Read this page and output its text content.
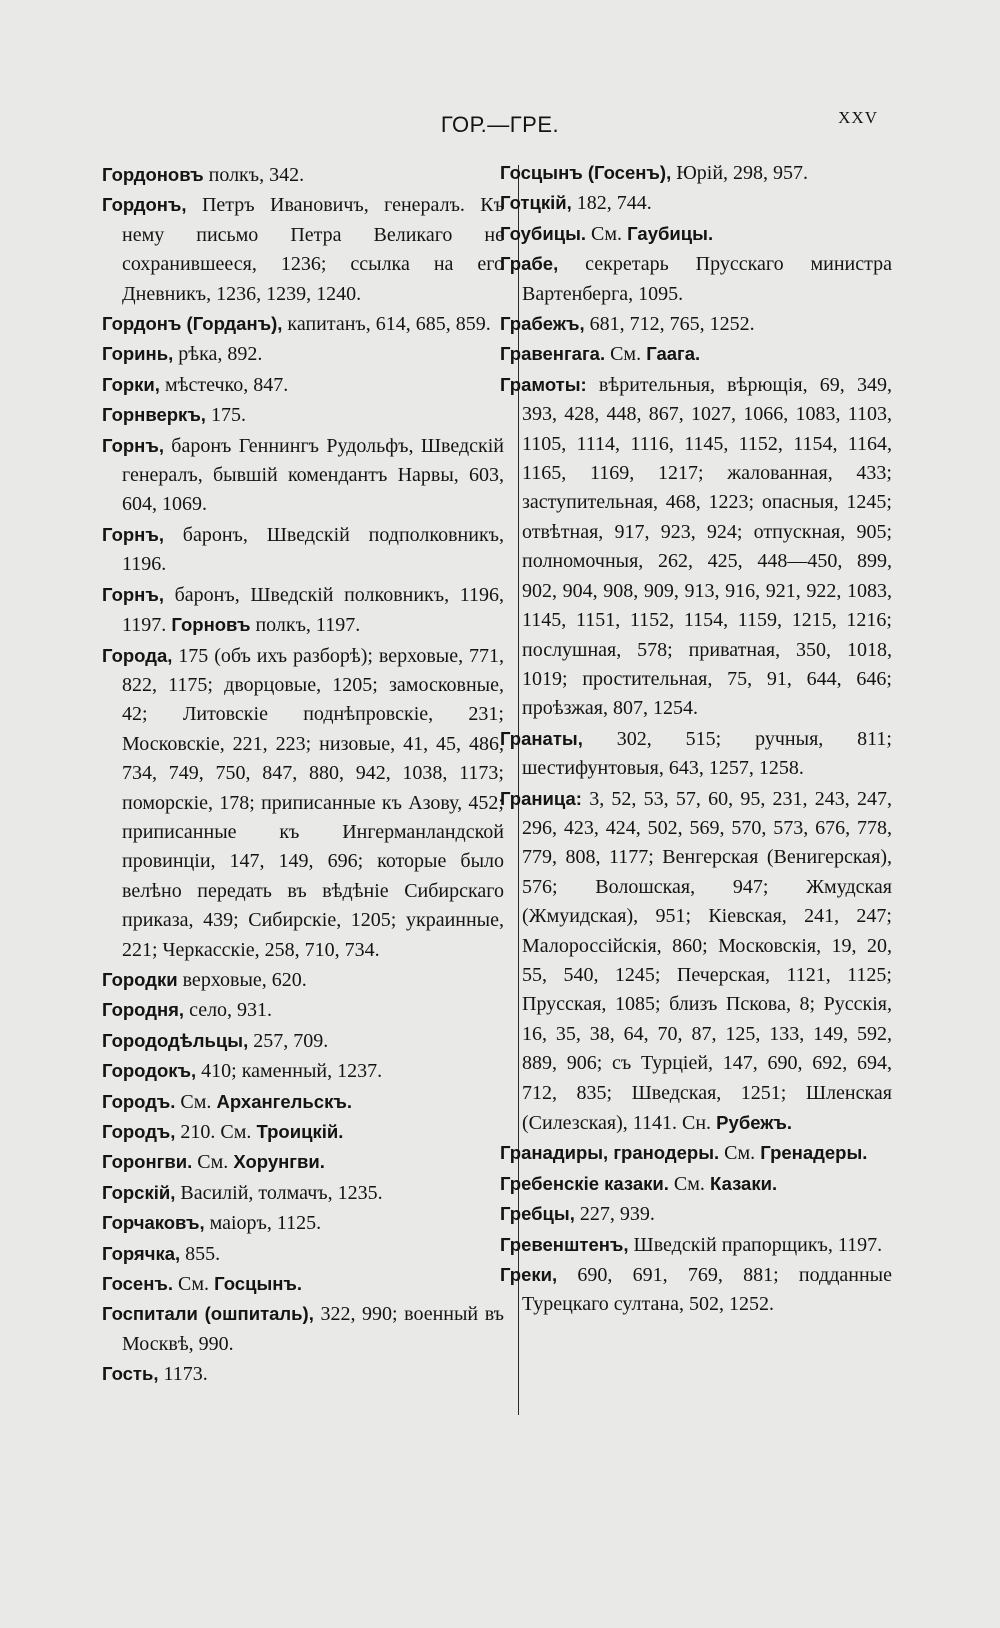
ГОР.—ГРЕ.	XXV
Гордоновъ полкъ, 342.
Гордонъ, Петръ Ивановичъ, генералъ. Къ нему письмо Петра Великаго не сохранившееся, 1236; ссылка на его Дневникъ, 1236, 1239, 1240.
Гордонъ (Горданъ), капитанъ, 614, 685, 859.
Горинь, рѣка, 892.
Горки, мѣстечко, 847.
Горнверкъ, 175.
Горнъ, баронъ Геннингъ Рудольфъ, Шведскій генералъ, бывшій комендантъ Нарвы, 603, 604, 1069.
Горнъ, баронъ, Шведскій подполковникъ, 1196.
Горнъ, баронъ, Шведскій полковникъ, 1196, 1197. Горновъ полкъ, 1197.
Города, 175 (объ ихъ разборѣ); верховые, 771, 822, 1175; дворцовые, 1205; замосковные, 42; Литовскіе поднѣпровскіе, 231; Московскіе, 221, 223; низовые, 41, 45, 486, 734, 749, 750, 847, 880, 942, 1038, 1173; поморскіе, 178; приписанные къ Азову, 452; приписанные къ Ингерманландской провинціи, 147, 149, 696; которые было велѣно передать въ вѣдѣніе Сибирскаго приказа, 439; Сибирскіе, 1205; украинные, 221; Черкасскіе, 258, 710, 734.
Городки верховые, 620.
Городня, село, 931.
Горододѣльцы, 257, 709.
Городокъ, 410; каменный, 1237.
Городъ. См. Архангельскъ.
Городъ, 210. См. Троицкій.
Горонгви. См. Хорунгви.
Горскій, Василій, толмачъ, 1235.
Горчаковъ, маіоръ, 1125.
Горячка, 855.
Госенъ. См. Госцынъ.
Госпитали (ошпиталь), 322, 990; военный въ Москвѣ, 990.
Гость, 1173.
Госцынъ (Госенъ), Юрій, 298, 957.
Готцкій, 182, 744.
Гоубицы. См. Гаубицы.
Грабе, секретарь Прусскаго министра Вартенберга, 1095.
Грабежъ, 681, 712, 765, 1252.
Гравенгага. См. Гаага.
Грамоты: вѣрительныя, вѣрющія, 69, 349, 393, 428, 448, 867, 1027, 1066, 1083, 1103, 1105, 1114, 1116, 1145, 1152, 1154, 1164, 1165, 1169, 1217; жалованная, 433; заступительная, 468, 1223; опасныя, 1245; отвѣтная, 917, 923, 924; отпускная, 905; полномочныя, 262, 425, 448—450, 899, 902, 904, 908, 909, 913, 916, 921, 922, 1083, 1145, 1151, 1152, 1154, 1159, 1215, 1216; послушная, 578; приватная, 350, 1018, 1019; простительная, 75, 91, 644, 646; проѣзжая, 807, 1254.
Гранаты, 302, 515; ручныя, 811; шестифунтовыя, 643, 1257, 1258.
Граница: 3, 52, 53, 57, 60, 95, 231, 243, 247, 296, 423, 424, 502, 569, 570, 573, 676, 778, 779, 808, 1177; Венгерская (Венигерская), 576; Волошская, 947; Жмудская (Жмуидская), 951; Кіевская, 241, 247; Малороссійскія, 860; Московскія, 19, 20, 55, 540, 1245; Печерская, 1121, 1125; Прусская, 1085; близъ Пскова, 8; Русскія, 16, 35, 38, 64, 70, 87, 125, 133, 149, 592, 889, 906; съ Турціей, 147, 690, 692, 694, 712, 835; Шведская, 1251; Шленская (Силезская), 1141. Сн. Рубежъ.
Гранадиры, гранодеры. См. Гренадеры.
Гребенскіе казаки. См. Казаки.
Гребцы, 227, 939.
Гревенштенъ, Шведскій прапорщикъ, 1197.
Греки, 690, 691, 769, 881; подданные Турецкаго султана, 502, 1252.
